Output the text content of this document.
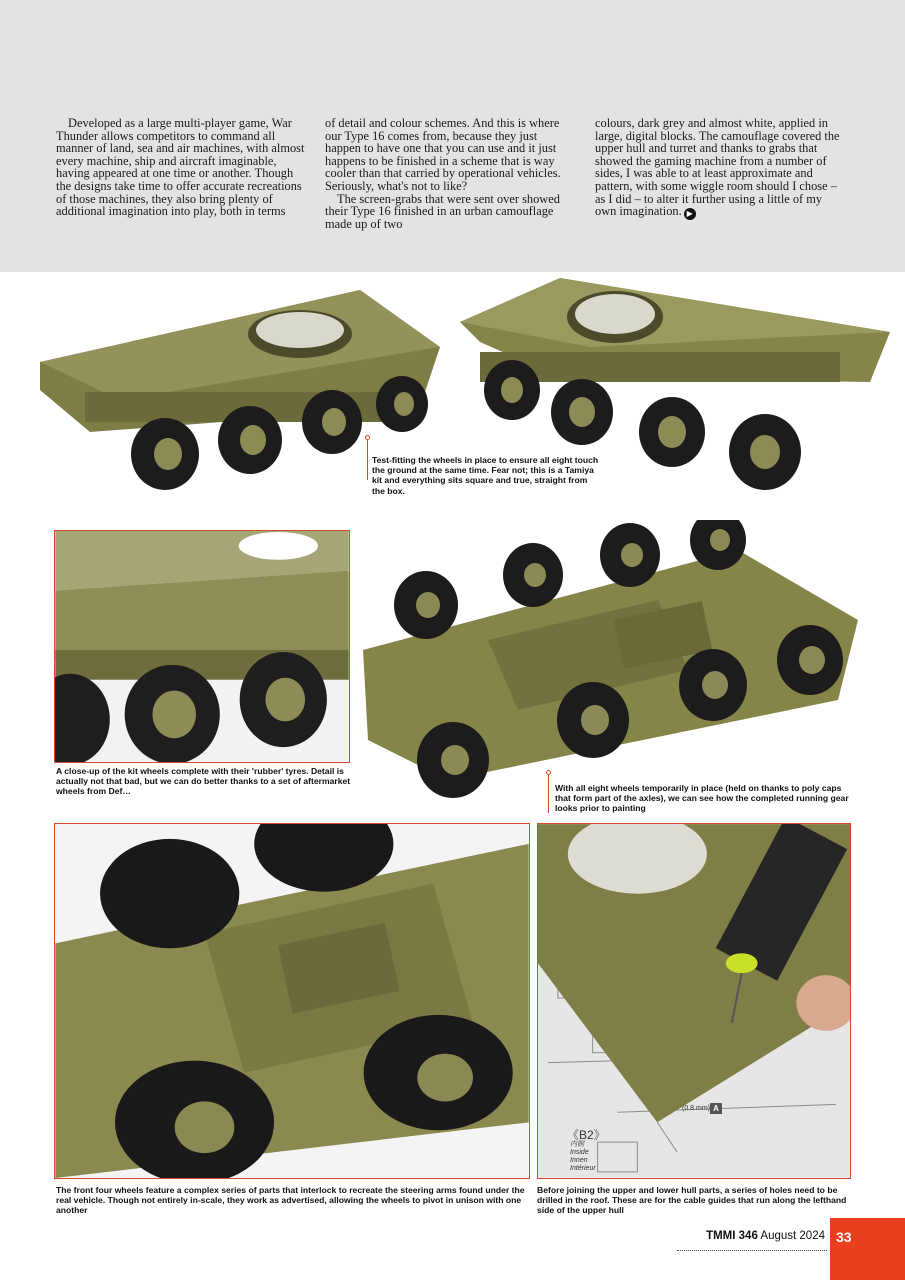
Developed as a large multi-player game, War Thunder allows competitors to command all manner of land, sea and air machines, with almost every machine, ship and aircraft imaginable, having appeared at one time or another. Though the designs take time to offer accurate recreations of those machines, they also bring plenty of additional imagination into play, both in terms

of detail and colour schemes. And this is where our Type 16 comes from, because they just happen to have one that you can use and it just happens to be finished in a scheme that is way cooler than that carried by operational vehicles. Seriously, what's not to like?

The screen-grabs that were sent over showed their Type 16 finished in an urban camouflage made up of two

colours, dark grey and almost white, applied in large, digital blocks. The camouflage covered the upper hull and turret and thanks to grabs that showed the gaming machine from a number of sides, I was able to at least approximate and pattern, with some wiggle room should I chose – as I did – to alter it further using a little of my own imagination. ▶

Test-fitting the wheels in place to ensure all eight touch the ground at the same time. Fear not; this is a Tamiya kit and everything sits square and true, straight from the box.
A close-up of the kit wheels complete with their 'rubber' tyres. Detail is actually not that bad, but we can do better thanks to a set of aftermarket wheels from Def…	With all eight wheels temporarily in place (held on thanks to poly caps that form part of the axles), we can see how the completed running gear looks prior to painting
The front four wheels feature a complex series of parts that interlock to recreate the steering arms found under the real vehicle. Though not entirely in-scale, they work as advertised, allowing the wheels to pivot in unison with one another
(0.8 mm) A
《B2》
内側
Inside
Innen
Intérieur
Before joining the upper and lower hull parts, a series of holes need to be drilled in the roof. These are for the cable guides that run along the lefthand side of the upper hull
TMMI 346 August 2024 33
